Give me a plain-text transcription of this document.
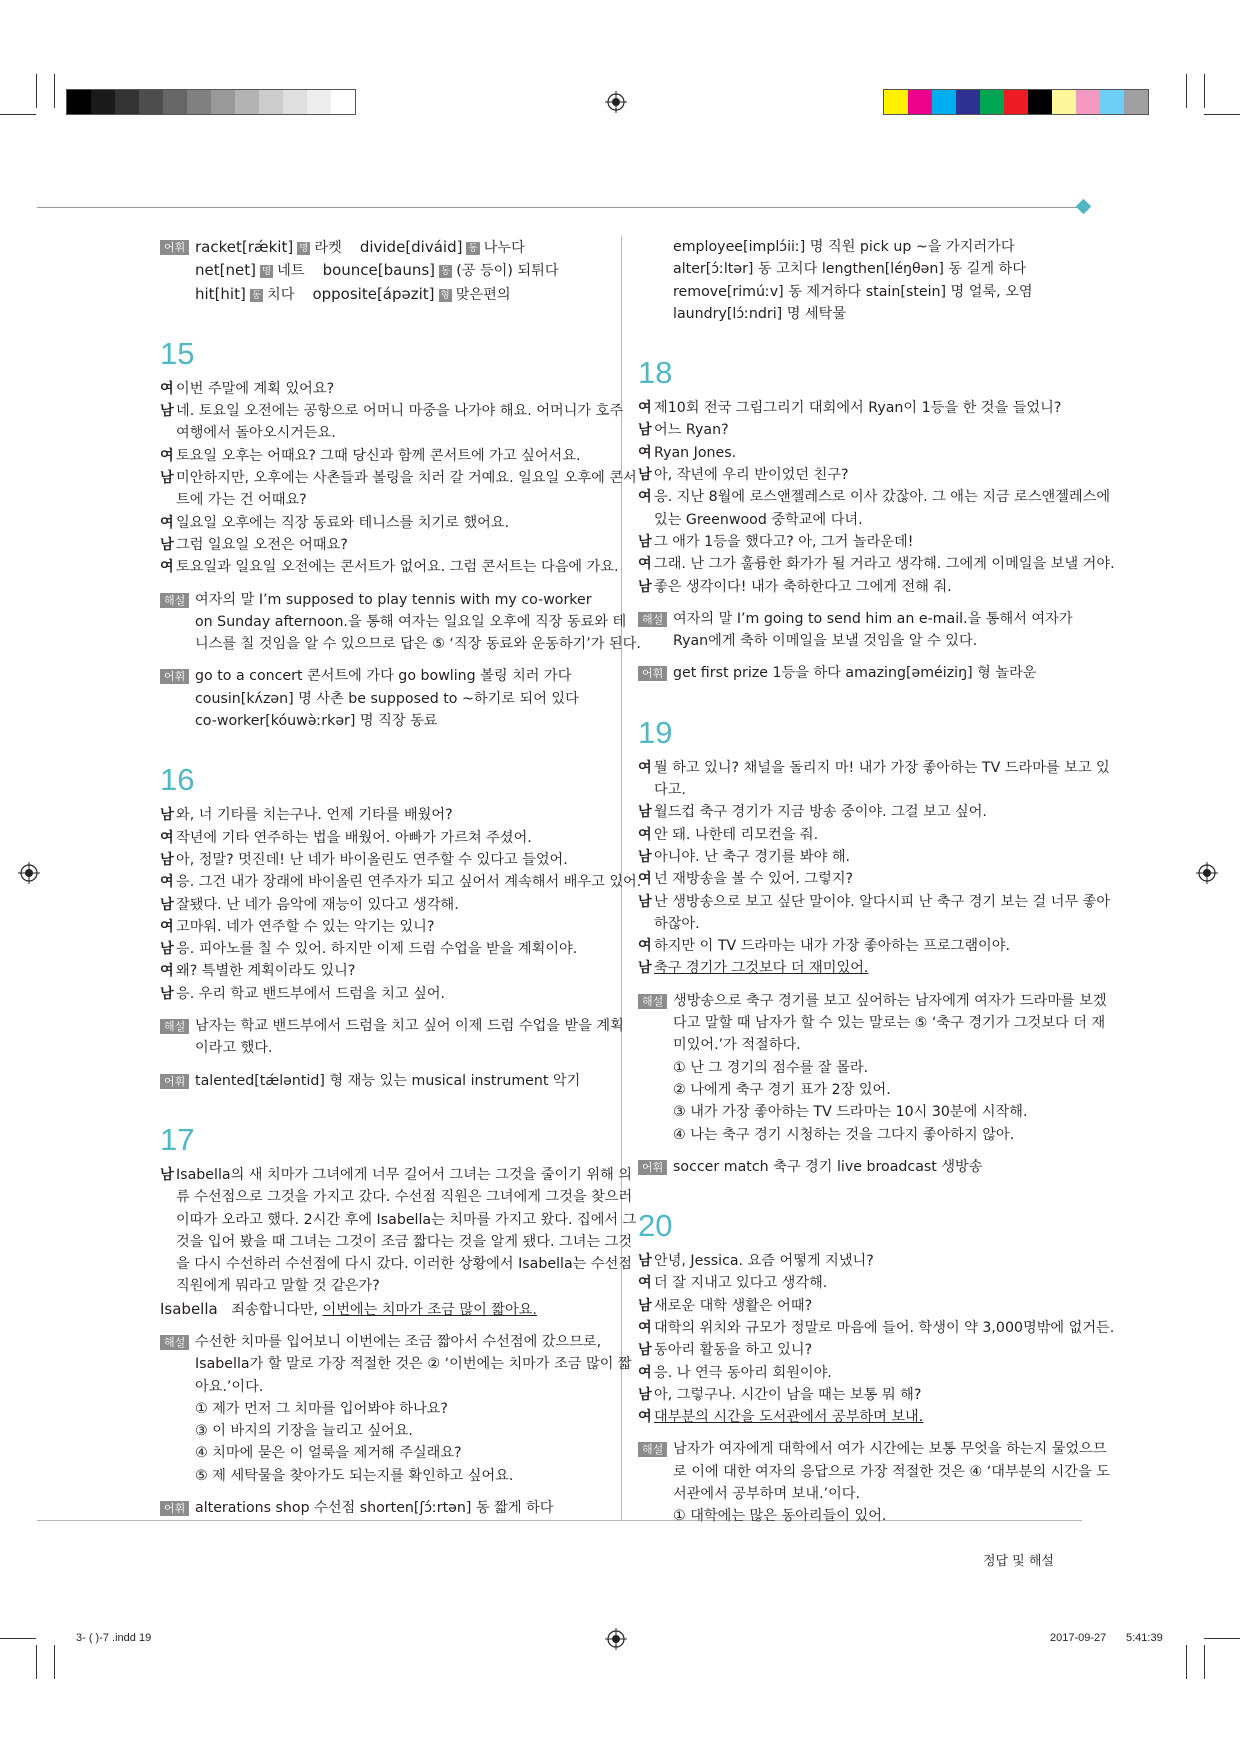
어휘 racket[rǽkit] 명 라켓 divide[diváid] 동 나누다
net[net] 명 네트 bounce[bauns] 동 (공 등이) 되튀다
hit[hit] 동 치다 opposite[ápəzit] 형 맞은편의
15
여 이번 주말에 계획 있어요?
남 네. 토요일 오전에는 공항으로 어머니 마중을 나가야 해요. 어머니가 호주
여행에서 돌아오시거든요.
여 토요일 오후는 어때요? 그때 당신과 함께 콘서트에 가고 싶어서요.
남 미안하지만, 오후에는 사촌들과 볼링을 치러 갈 거예요. 일요일 오후에 콘서
트에 가는 건 어때요?
여 일요일 오후에는 직장 동료와 테니스를 치기로 했어요.
남 그럼 일요일 오전은 어때요?
여 토요일과 일요일 오전에는 콘서트가 없어요. 그럼 콘서트는 다음에 가요.
해설 여자의 말 I’m supposed to play tennis with my co-worker
on Sunday afternoon.을 통해 여자는 일요일 오후에 직장 동료와 테
니스를 칠 것임을 알 수 있으므로 답은 ⑤ ‘직장 동료와 운동하기’가 된다.
어휘 go to a concert 콘서트에 가다 go bowling 볼링 치러 가다
cousin[kʌ́zən] 명 사촌 be supposed to ~하기로 되어 있다
co-worker[kóuwə̀ːrkər] 명 직장 동료
16
남 와, 너 기타를 치는구나. 언제 기타를 배웠어?
여 작년에 기타 연주하는 법을 배웠어. 아빠가 가르쳐 주셨어.
남 아, 정말? 멋진데! 난 네가 바이올린도 연주할 수 있다고 들었어.
여 응. 그건 내가 장래에 바이올린 연주자가 되고 싶어서 계속해서 배우고 있어.
남 잘됐다. 난 네가 음악에 재능이 있다고 생각해.
여 고마워. 네가 연주할 수 있는 악기는 있니?
남 응. 피아노를 칠 수 있어. 하지만 이제 드럼 수업을 받을 계획이야.
여 왜? 특별한 계획이라도 있니?
남 응. 우리 학교 밴드부에서 드럼을 치고 싶어.
해설 남자는 학교 밴드부에서 드럼을 치고 싶어 이제 드럼 수업을 받을 계획
이라고 했다.
어휘 talented[tǽləntid] 형 재능 있는 musical instrument 악기
17
남 Isabella의 새 치마가 그녀에게 너무 길어서 그녀는 그것을 줄이기 위해 의
류 수선점으로 그것을 가지고 갔다. 수선점 직원은 그녀에게 그것을 찾으러
이따가 오라고 했다. 2시간 후에 Isabella는 치마를 가지고 왔다. 집에서 그
것을 입어 봤을 때 그녀는 그것이 조금 짧다는 것을 알게 됐다. 그녀는 그것
을 다시 수선하러 수선점에 다시 갔다. 이러한 상황에서 Isabella는 수선점
직원에게 뭐라고 말할 것 같은가?
Isabella 죄송합니다만, 이번에는 치마가 조금 많이 짧아요.
해설 수선한 치마를 입어보니 이번에는 조금 짧아서 수선점에 갔으므로,
Isabella가 할 말로 가장 적절한 것은 ② ‘이번에는 치마가 조금 많이 짧
아요.’이다.
① 제가 먼저 그 치마를 입어봐야 하나요?
③ 이 바지의 기장을 늘리고 싶어요.
④ 치마에 묻은 이 얼룩을 제거해 주실래요?
⑤ 제 세탁물을 찾아가도 되는지를 확인하고 싶어요.
어휘 alterations shop 수선점 shorten[ʃɔ́ːrtən] 동 짧게 하다
employee[implɔ́iiː] 명 직원 pick up ~을 가지러가다
alter[ɔ́ːltər] 동 고치다 lengthen[léŋθən] 동 길게 하다
remove[rimúːv] 동 제거하다 stain[stein] 명 얼룩, 오염
laundry[lɔ́ːndri] 명 세탁물
18
여 제10회 전국 그림그리기 대회에서 Ryan이 1등을 한 것을 들었니?
남 어느 Ryan?
여 Ryan Jones.
남 아, 작년에 우리 반이었던 친구?
여 응. 지난 8월에 로스앤젤레스로 이사 갔잖아. 그 애는 지금 로스앤젤레스에
있는 Greenwood 중학교에 다녀.
남 그 애가 1등을 했다고? 아, 그거 놀라운데!
여 그래. 난 그가 훌륭한 화가가 될 거라고 생각해. 그에게 이메일을 보낼 거야.
남 좋은 생각이다! 내가 축하한다고 그에게 전해 줘.
해설 여자의 말 I’m going to send him an e-mail.을 통해서 여자가
Ryan에게 축하 이메일을 보낼 것임을 알 수 있다.
어휘 get first prize 1등을 하다 amazing[əméiziŋ] 형 놀라운
19
여 뭘 하고 있니? 채널을 돌리지 마! 내가 가장 좋아하는 TV 드라마를 보고 있
다고.
남 월드컵 축구 경기가 지금 방송 중이야. 그걸 보고 싶어.
여 안 돼. 나한테 리모컨을 줘.
남 아니야. 난 축구 경기를 봐야 해.
여 넌 재방송을 볼 수 있어. 그렇지?
남 난 생방송으로 보고 싶단 말이야. 알다시피 난 축구 경기 보는 걸 너무 좋아
하잖아.
여 하지만 이 TV 드라마는 내가 가장 좋아하는 프로그램이야.
남 축구 경기가 그것보다 더 재미있어.
해설 생방송으로 축구 경기를 보고 싶어하는 남자에게 여자가 드라마를 보겠
다고 말할 때 남자가 할 수 있는 말로는 ⑤ ‘축구 경기가 그것보다 더 재
미있어.’가 적절하다.
① 난 그 경기의 점수를 잘 몰라.
② 나에게 축구 경기 표가 2장 있어.
③ 내가 가장 좋아하는 TV 드라마는 10시 30분에 시작해.
④ 나는 축구 경기 시청하는 것을 그다지 좋아하지 않아.
어휘 soccer match 축구 경기 live broadcast 생방송
20
남 안녕, Jessica. 요즘 어떻게 지냈니?
여 더 잘 지내고 있다고 생각해.
남 새로운 대학 생활은 어때?
여 대학의 위치와 규모가 정말로 마음에 들어. 학생이 약 3,000명밖에 없거든.
남 동아리 활동을 하고 있니?
여 응. 나 연극 동아리 회원이야.
남 아, 그렇구나. 시간이 남을 때는 보통 뭐 해?
여 대부분의 시간을 도서관에서 공부하며 보내.
해설 남자가 여자에게 대학에서 여가 시간에는 보통 무엇을 하는지 물었으므
로 이에 대한 여자의 응답으로 가장 적절한 것은 ④ ‘대부분의 시간을 도
서관에서 공부하며 보내.’이다.
① 대학에는 많은 동아리들이 있어.
정답 및 해설
3- ( )-7 .indd 19	2017-09-27 5:41:39
